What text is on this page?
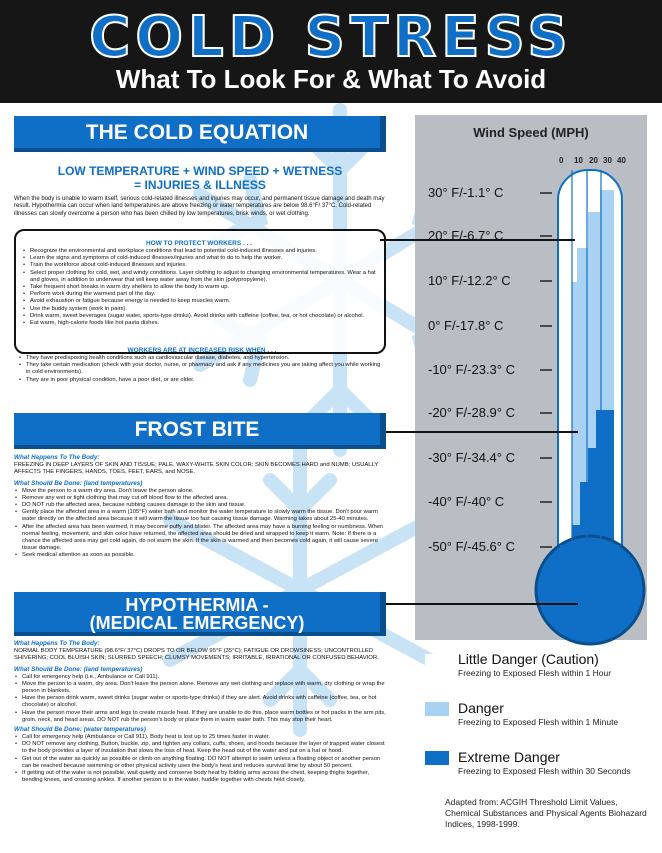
COLD STRESS
What To Look For & What To Avoid
THE COLD EQUATION
LOW TEMPERATURE + WIND SPEED + WETNESS
= INJURIES & ILLNESS
When the body is unable to warm itself, serious cold-related illnesses and injuries may occur, and permanent tissue damage and death may result. Hypothermia can occur when land temperatures are above freezing or water temperatures are below 98.6°F/ 37°C. Cold-related illnesses can slowly overcome a person who has been chilled by low temperatures, brisk winds, or wet clothing.
HOW TO PROTECT WORKERS . . .
• Recognize the environmental and workplace conditions that lead to potential cold-induced illnesses and injuries.
• Learn the signs and symptoms of cold-induced illnesses/injuries and what to do to help the worker.
• Train the workforce about cold-induced illnesses and injuries.
• Select proper clothing for cold, wet, and windy conditions. Layer clothing to adjust to changing environmental temperatures. Wear a hat and gloves, in addition to underwear that will keep water away from the skin (polypropylene).
• Take frequent short breaks in warm dry shelters to allow the body to warm up.
• Perform work during the warmest part of the day.
• Avoid exhaustion or fatigue because energy is needed to keep muscles warm.
• Use the buddy system (work in pairs).
• Drink warm, sweet beverages (sugar water, sports-type drinks). Avoid drinks with caffeine (coffee, tea, or hot chocolate) or alcohol.
• Eat warm, high-calorie foods like hot pasta dishes.
WORKERS ARE AT INCREASED RISK WHEN . . .
• They have predisposing health conditions such as cardiovascular disease, diabetes, and hypertension.
• They take certain medication (check with your doctor, nurse, or pharmacy and ask if any medicines you are taking affect you while working in cold environments).
• They are in poor physical condition, have a poor diet, or are older.
FROST BITE
What Happens To The Body:
FREEZING IN DEEP LAYERS OF SKIN AND TISSUE; PALE, WAXY-WHITE SKIN COLOR; SKIN BECOMES HARD and NUMB; USUALLY AFFECTS THE FINGERS, HANDS, TOES, FEET, EARS, and NOSE.
What Should Be Done: (land temperatures)
• Move the person to a warm dry area. Don't leave the person alone.
• Remove any wet or tight clothing that may cut off blood flow to the affected area.
• DO NOT rub the affected area, because rubbing causes damage to the skin and tissue.
• Gently place the affected area in a warm (105°F) water bath and monitor the water temperature to slowly warm the tissue. Don't pour warm water directly on the affected area because it will warm the tissue too fast causing tissue damage. Warming takes about 25-40 minutes.
• After the affected area has been warmed, it may become puffy and blister. The affected area may have a burning feeling or numbness. When normal feeling, movement, and skin color have returned, the affected area should be dried and wrapped to keep it warm. Note: If there is a chance the affected area may get cold again, do not warm the skin. If the skin is warmed and then becomes cold again, it will cause severe tissue damage.
• Seek medical attention as soon as possible.
HYPOTHERMIA -
(MEDICAL EMERGENCY)
What Happens To The Body:
NORMAL BODY TEMPERATURE (98.6°F/ 37°C) DROPS TO OR BELOW 95°F (35°C); FATIGUE OR DROWSINESS; UNCONTROLLED SHIVERING; COOL BLUISH SKIN; SLURRED SPEECH; CLUMSY MOVEMENTS; IRRITABLE, IRRATIONAL OR CONFUSED BEHAVIOR.
What Should Be Done: (land temperatures)
• Call for emergency help (i.e., Ambulance or Call 911).
• Move the person to a warm, dry area. Don't leave the person alone. Remove any wet clothing and replace with warm, dry clothing or wrap the person in blankets.
• Have the person drink warm, sweet drinks (sugar water or sports-type drinks) if they are alert. Avoid drinks with caffeine (coffee, tea, or hot chocolate) or alcohol.
• Have the person move their arms and legs to create muscle heat. If they are unable to do this, place warm bottles or hot packs in the arm pits, groin, neck, and head areas. DO NOT rub the person's body or place them in warm water bath. This may stop their heart.
What Should Be Done: (water temperatures)
• Call for emergency help (Ambulance or Call 911). Body heat is lost up to 25 times faster in water.
• DO NOT remove any clothing. Button, buckle, zip, and tighten any collars, cuffs, shoes, and hoods because the layer of trapped water closest to the body provides a layer of insulation that slows the loss of heat. Keep the head out of the water and put on a hat or hood.
• Get out of the water as quickly as possible or climb on anything floating. DO NOT attempt to swim unless a floating object or another person can be reached because swimming or other physical activity uses the body's heat and reduces survival time by about 50 percent.
• If getting out of the water is not possible, wait quietly and conserve body heat by folding arms across the chest, keeping thighs together, bending knees, and crossing ankles. If another person is in the water, huddle together with chests held closely.
Wind Speed (MPH)
0 10 20 30 40
30° F/-1.1° C
20° F/-6.7° C
10° F/-12.2° C
0° F/-17.8° C
-10° F/-23.3° C
-20° F/-28.9° C
-30° F/-34.4° C
-40° F/-40° C
-50° F/-45.6° C
Little Danger (Caution)
Freezing to Exposed Flesh within 1 Hour
Danger
Freezing to Exposed Flesh within 1 Minute
Extreme Danger
Freezing to Exposed Flesh within 30 Seconds
Adapted from: ACGIH Threshold Limit Values, Chemical Substances and Physical Agents Biohazard Indices, 1998-1999.
